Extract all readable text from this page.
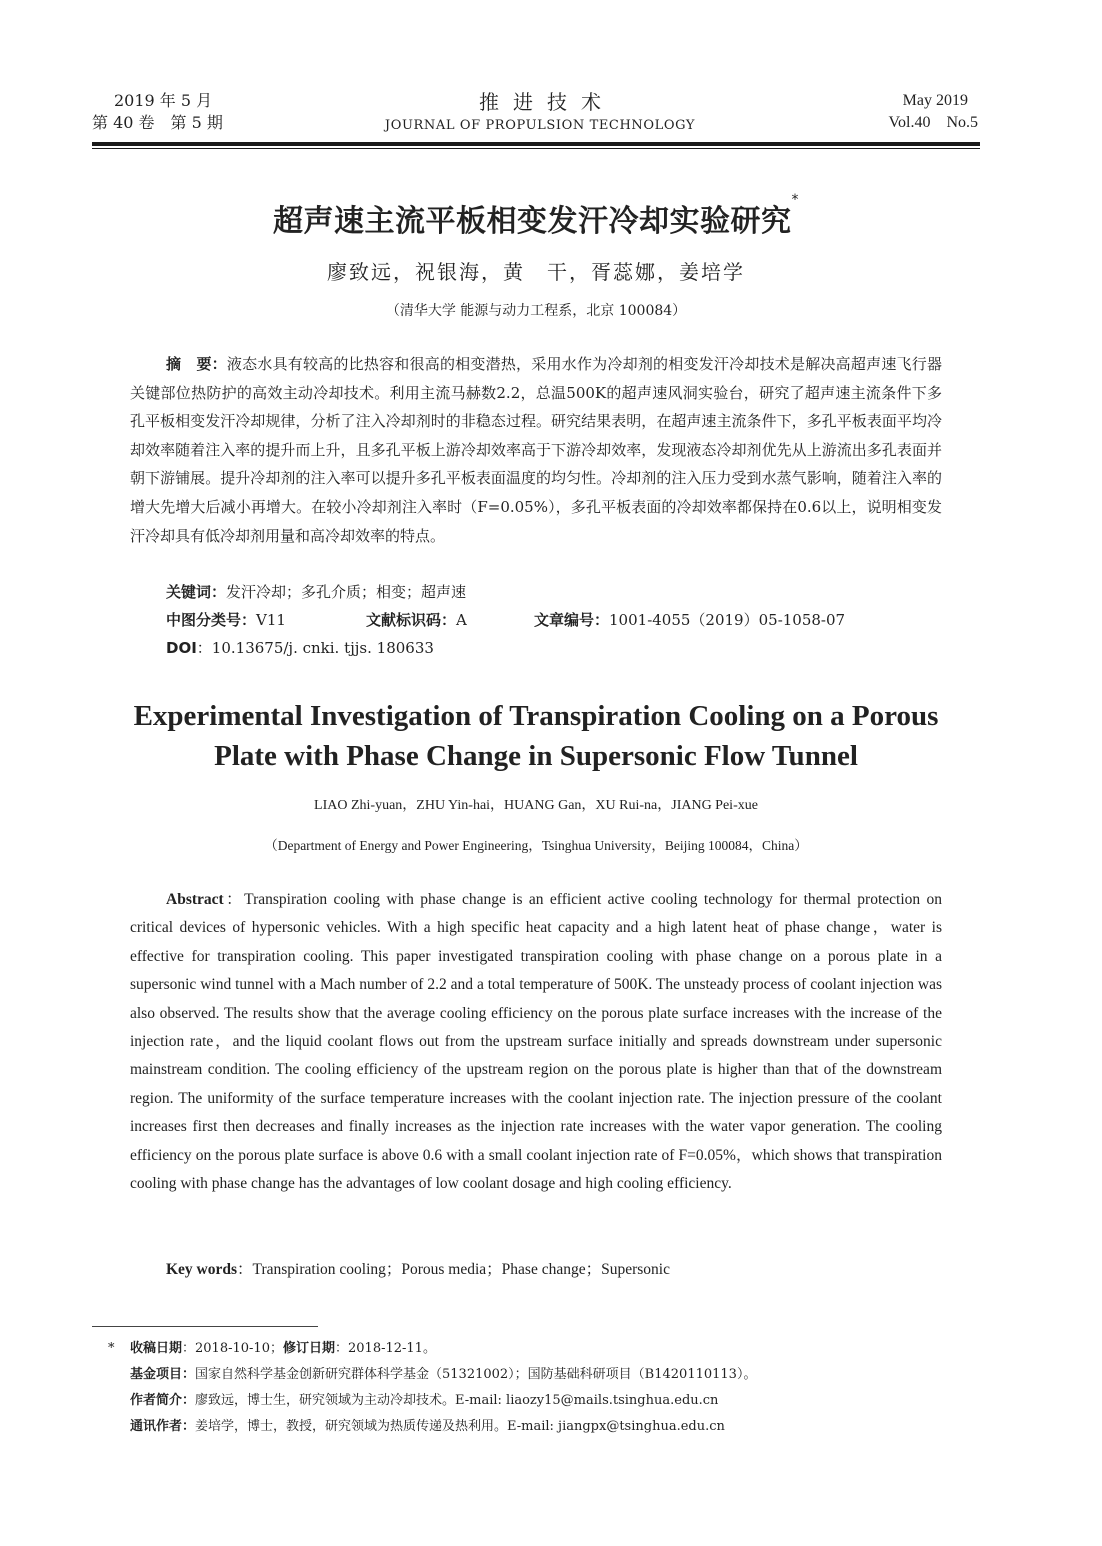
2019 年 5 月
第 40 卷　第 5 期
推进技术
JOURNAL OF PROPULSION TECHNOLOGY
May 2019
Vol.40　No.5
超声速主流平板相变发汗冷却实验研究*
廖致远，祝银海，黄　干，胥蕊娜，姜培学
（清华大学 能源与动力工程系，北京 100084）
摘　要：液态水具有较高的比热容和很高的相变潜热，采用水作为冷却剂的相变发汗冷却技术是解决高超声速飞行器关键部位热防护的高效主动冷却技术。利用主流马赫数2.2，总温500K的超声速风洞实验台，研究了超声速主流条件下多孔平板相变发汗冷却规律，分析了注入冷却剂时的非稳态过程。研究结果表明，在超声速主流条件下，多孔平板表面平均冷却效率随着注入率的提升而上升，且多孔平板上游冷却效率高于下游冷却效率，发现液态冷却剂优先从上游流出多孔表面并朝下游铺展。提升冷却剂的注入率可以提升多孔平板表面温度的均匀性。冷却剂的注入压力受到水蒸气影响，随着注入率的增大先增大后减小再增大。在较小冷却剂注入率时（F=0.05%），多孔平板表面的冷却效率都保持在0.6以上，说明相变发汗冷却具有低冷却剂用量和高冷却效率的特点。
关键词：发汗冷却；多孔介质；相变；超声速
中图分类号：V11	文献标识码：A	文章编号：1001-4055（2019）05-1058-07
DOI：10.13675/j. cnki. tjjs. 180633
Experimental Investigation of Transpiration Cooling on a Porous
Plate with Phase Change in Supersonic Flow Tunnel
LIAO Zhi-yuan，ZHU Yin-hai，HUANG Gan，XU Rui-na，JIANG Pei-xue
（Department of Energy and Power Engineering，Tsinghua University，Beijing 100084，China）
Abstract：Transpiration cooling with phase change is an efficient active cooling technology for thermal protection on critical devices of hypersonic vehicles. With a high specific heat capacity and a high latent heat of phase change，water is effective for transpiration cooling. This paper investigated transpiration cooling with phase change on a porous plate in a supersonic wind tunnel with a Mach number of 2.2 and a total temperature of 500K. The unsteady process of coolant injection was also observed. The results show that the average cooling efficiency on the porous plate surface increases with the increase of the injection rate，and the liquid coolant flows out from the upstream surface initially and spreads downstream under supersonic mainstream condition. The cooling efficiency of the upstream region on the porous plate is higher than that of the downstream region. The uniformity of the surface temperature increases with the coolant injection rate. The injection pressure of the coolant increases first then decreases and finally increases as the injection rate increases with the water vapor generation. The cooling efficiency on the porous plate surface is above 0.6 with a small coolant injection rate of F=0.05%，which shows that transpiration cooling with phase change has the advantages of low coolant dosage and high cooling efficiency.
Key words：Transpiration cooling；Porous media；Phase change；Supersonic
* 收稿日期：2018-10-10；修订日期：2018-12-11。
基金项目：国家自然科学基金创新研究群体科学基金（51321002）；国防基础科研项目（B1420110113）。
作者简介：廖致远，博士生，研究领域为主动冷却技术。E-mail: liaozy15@mails.tsinghua.edu.cn
通讯作者：姜培学，博士，教授，研究领域为热质传递及热利用。E-mail: jiangpx@tsinghua.edu.cn
